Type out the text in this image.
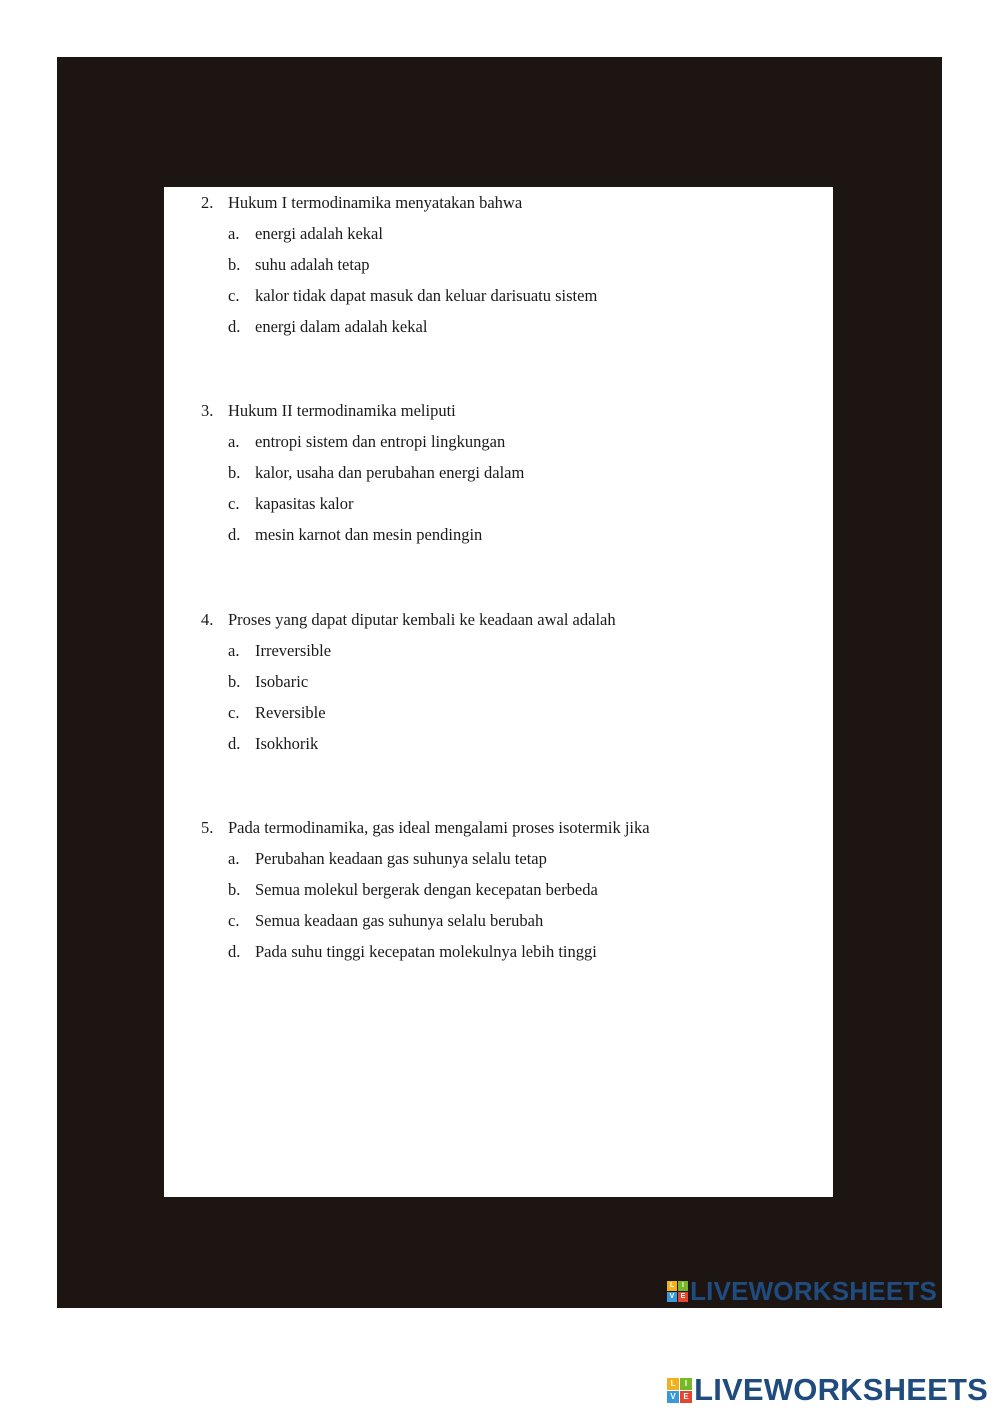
2. Hukum I termodinamika menyatakan bahwa
a. energi adalah kekal
b. suhu adalah tetap
c. kalor tidak dapat masuk dan keluar darisuatu sistem
d. energi dalam adalah kekal
3. Hukum II termodinamika meliputi
a. entropi sistem dan entropi lingkungan
b. kalor, usaha dan perubahan energi dalam
c. kapasitas kalor
d. mesin karnot dan mesin pendingin
4. Proses yang dapat diputar kembali ke keadaan awal adalah
a. Irreversible
b. Isobaric
c. Reversible
d. Isokhorik
5. Pada termodinamika, gas ideal mengalami proses isotermik jika
a. Perubahan keadaan gas suhunya selalu tetap
b. Semua molekul bergerak dengan kecepatan berbeda
c. Semua keadaan gas suhunya selalu berubah
d. Pada suhu tinggi kecepatan molekulnya lebih tinggi
L	I
V E LIVEWORKSHEETS
L	I
V E LIVEWORKSHEETS
